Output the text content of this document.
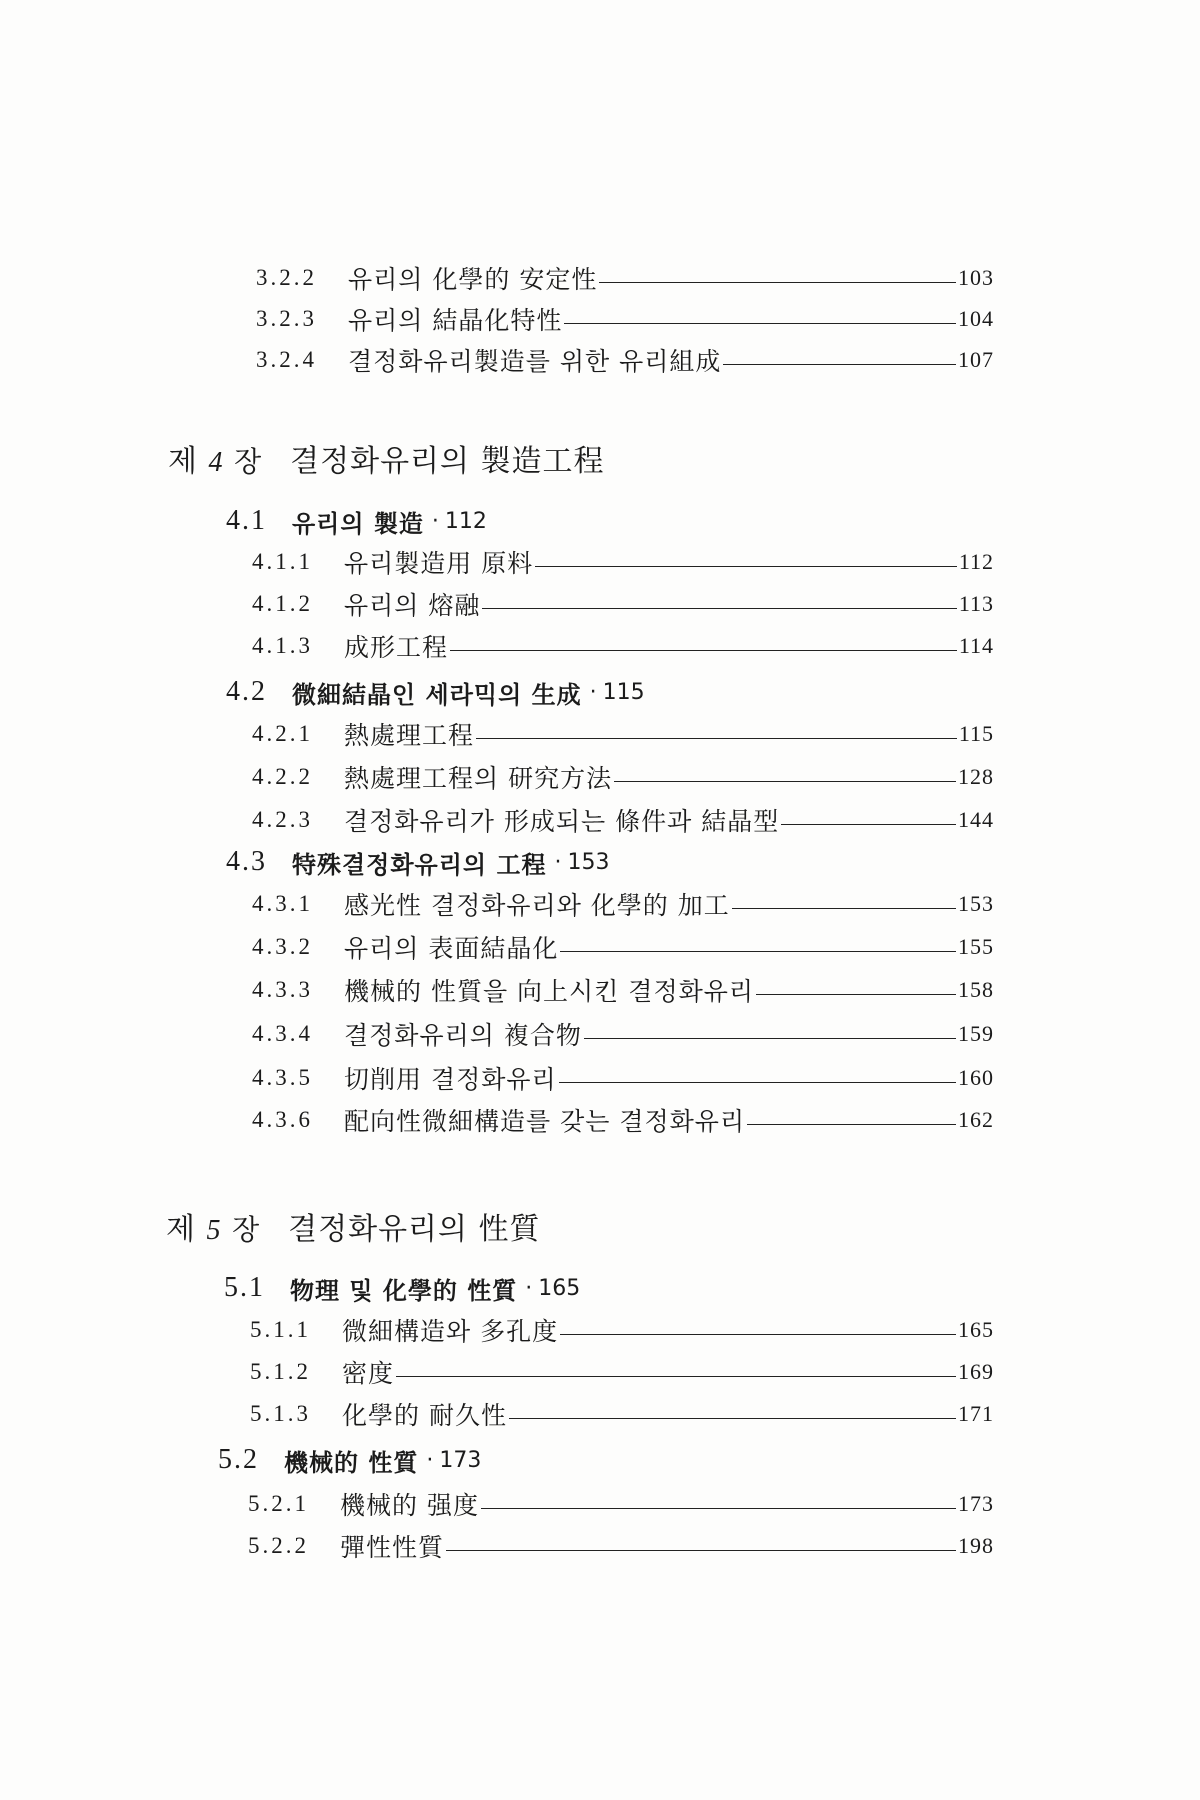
3.2.2	유리의 化學的 安定性	103
3.2.3	유리의 結晶化特性	104
3.2.4	결정화유리製造를 위한 유리組成	107
제 4 장 결정화유리의 製造工程
4.1	유리의 製造 · 112
4.1.1	유리製造用 原料	112
4.1.2	유리의 熔融	113
4.1.3	成形工程	114
4.2	微細結晶인 세라믹의 生成 · 115
4.2.1	熱處理工程	115
4.2.2	熱處理工程의 研究方法	128
4.2.3	결정화유리가 形成되는 條件과 結晶型	144
4.3	特殊결정화유리의 工程 · 153
4.3.1	感光性 결정화유리와 化學的 加工	153
4.3.2	유리의 表面結晶化	155
4.3.3	機械的 性質을 向上시킨 결정화유리	158
4.3.4	결정화유리의 複合物	159
4.3.5	切削用 결정화유리	160
4.3.6	配向性微細構造를 갖는 결정화유리	162
제 5 장 결정화유리의 性質
5.1	物理 및 化學的 性質 · 165
5.1.1	微細構造와 多孔度	165
5.1.2	密度	169
5.1.3	化學的 耐久性	171
5.2	機械的 性質 · 173
5.2.1	機械的 强度	173
5.2.2	彈性性質	198
